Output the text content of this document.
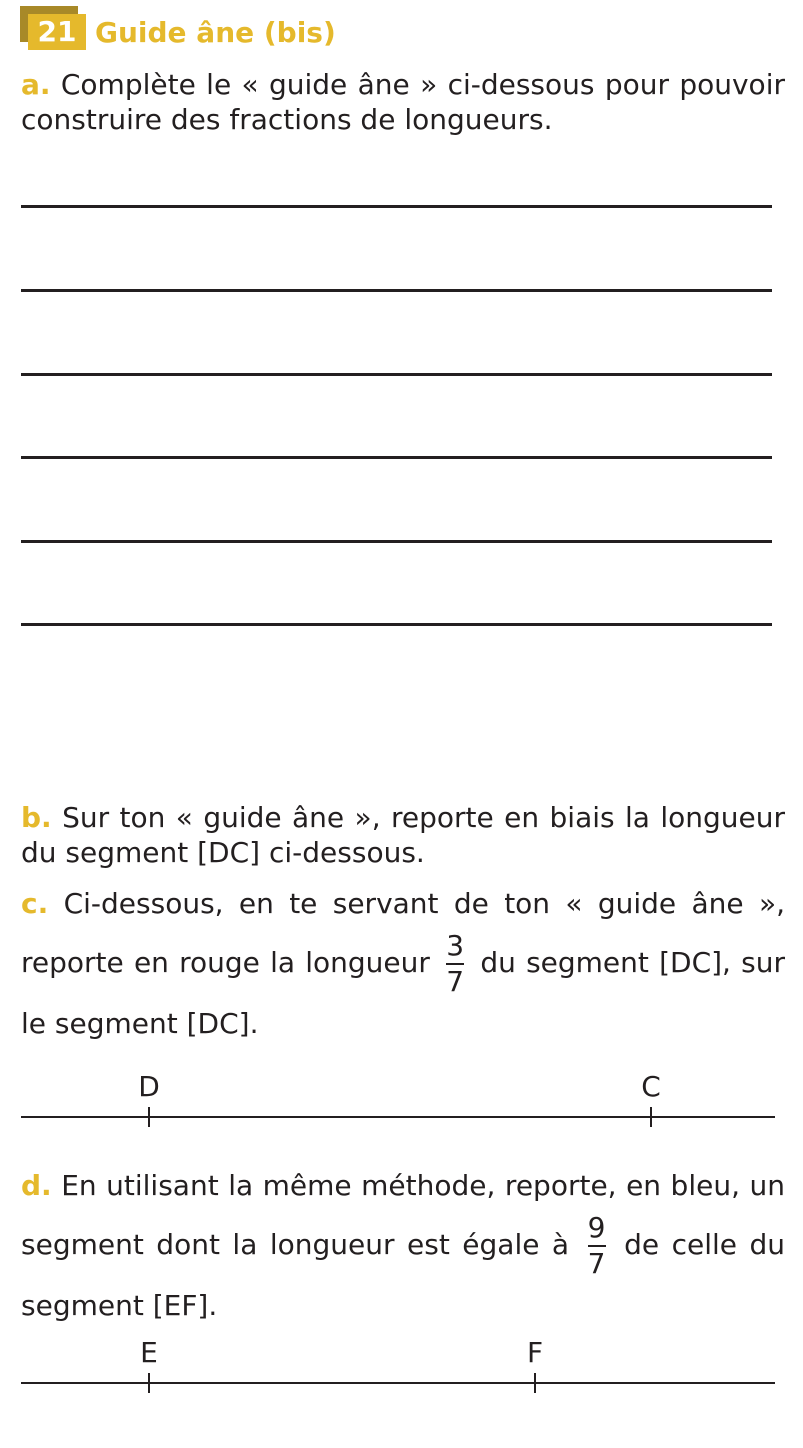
21 Guide âne (bis)
a. Complète le « guide âne » ci-dessous pour pouvoir construire des fractions de longueurs.
b. Sur ton « guide âne », reporte en biais la longueur du segment [DC] ci-dessous.
c. Ci-dessous, en te servant de ton « guide âne », reporte en rouge la longueur $\frac{3}{7}$ du segment [DC], sur le segment [DC].
D	C
d. En utilisant la même méthode, reporte, en bleu, un segment dont la longueur est égale à $\frac{9}{7}$ de celle du segment [EF].
E	F
